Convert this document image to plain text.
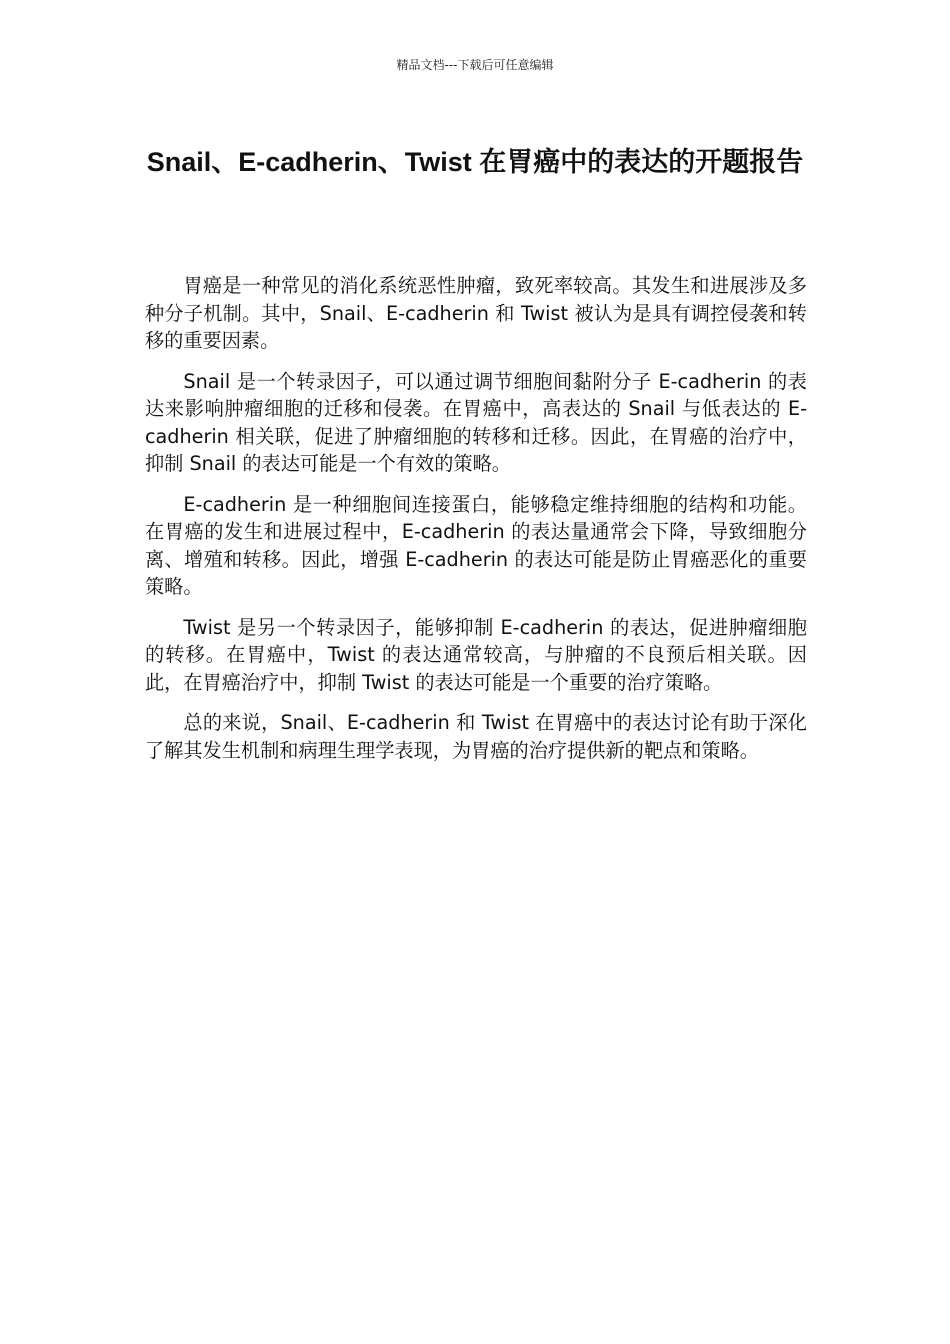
精品文档---下载后可任意编辑
Snail、E-cadherin、Twist 在胃癌中的表达的开题报告

胃癌是一种常见的消化系统恶性肿瘤，致死率较高。其发生和进展涉及多种分子机制。其中，Snail、E-cadherin 和 Twist 被认为是具有调控侵袭和转移的重要因素。

Snail 是一个转录因子，可以通过调节细胞间黏附分子 E-cadherin 的表达来影响肿瘤细胞的迁移和侵袭。在胃癌中，高表达的 Snail 与低表达的 E-cadherin 相关联，促进了肿瘤细胞的转移和迁移。因此，在胃癌的治疗中，抑制 Snail 的表达可能是一个有效的策略。

E-cadherin 是一种细胞间连接蛋白，能够稳定维持细胞的结构和功能。在胃癌的发生和进展过程中，E-cadherin 的表达量通常会下降，导致细胞分离、增殖和转移。因此，增强 E-cadherin 的表达可能是防止胃癌恶化的重要策略。

Twist 是另一个转录因子，能够抑制 E-cadherin 的表达，促进肿瘤细胞的转移。在胃癌中，Twist 的表达通常较高，与肿瘤的不良预后相关联。因此，在胃癌治疗中，抑制 Twist 的表达可能是一个重要的治疗策略。

总的来说，Snail、E-cadherin 和 Twist 在胃癌中的表达讨论有助于深化了解其发生机制和病理生理学表现，为胃癌的治疗提供新的靶点和策略。
